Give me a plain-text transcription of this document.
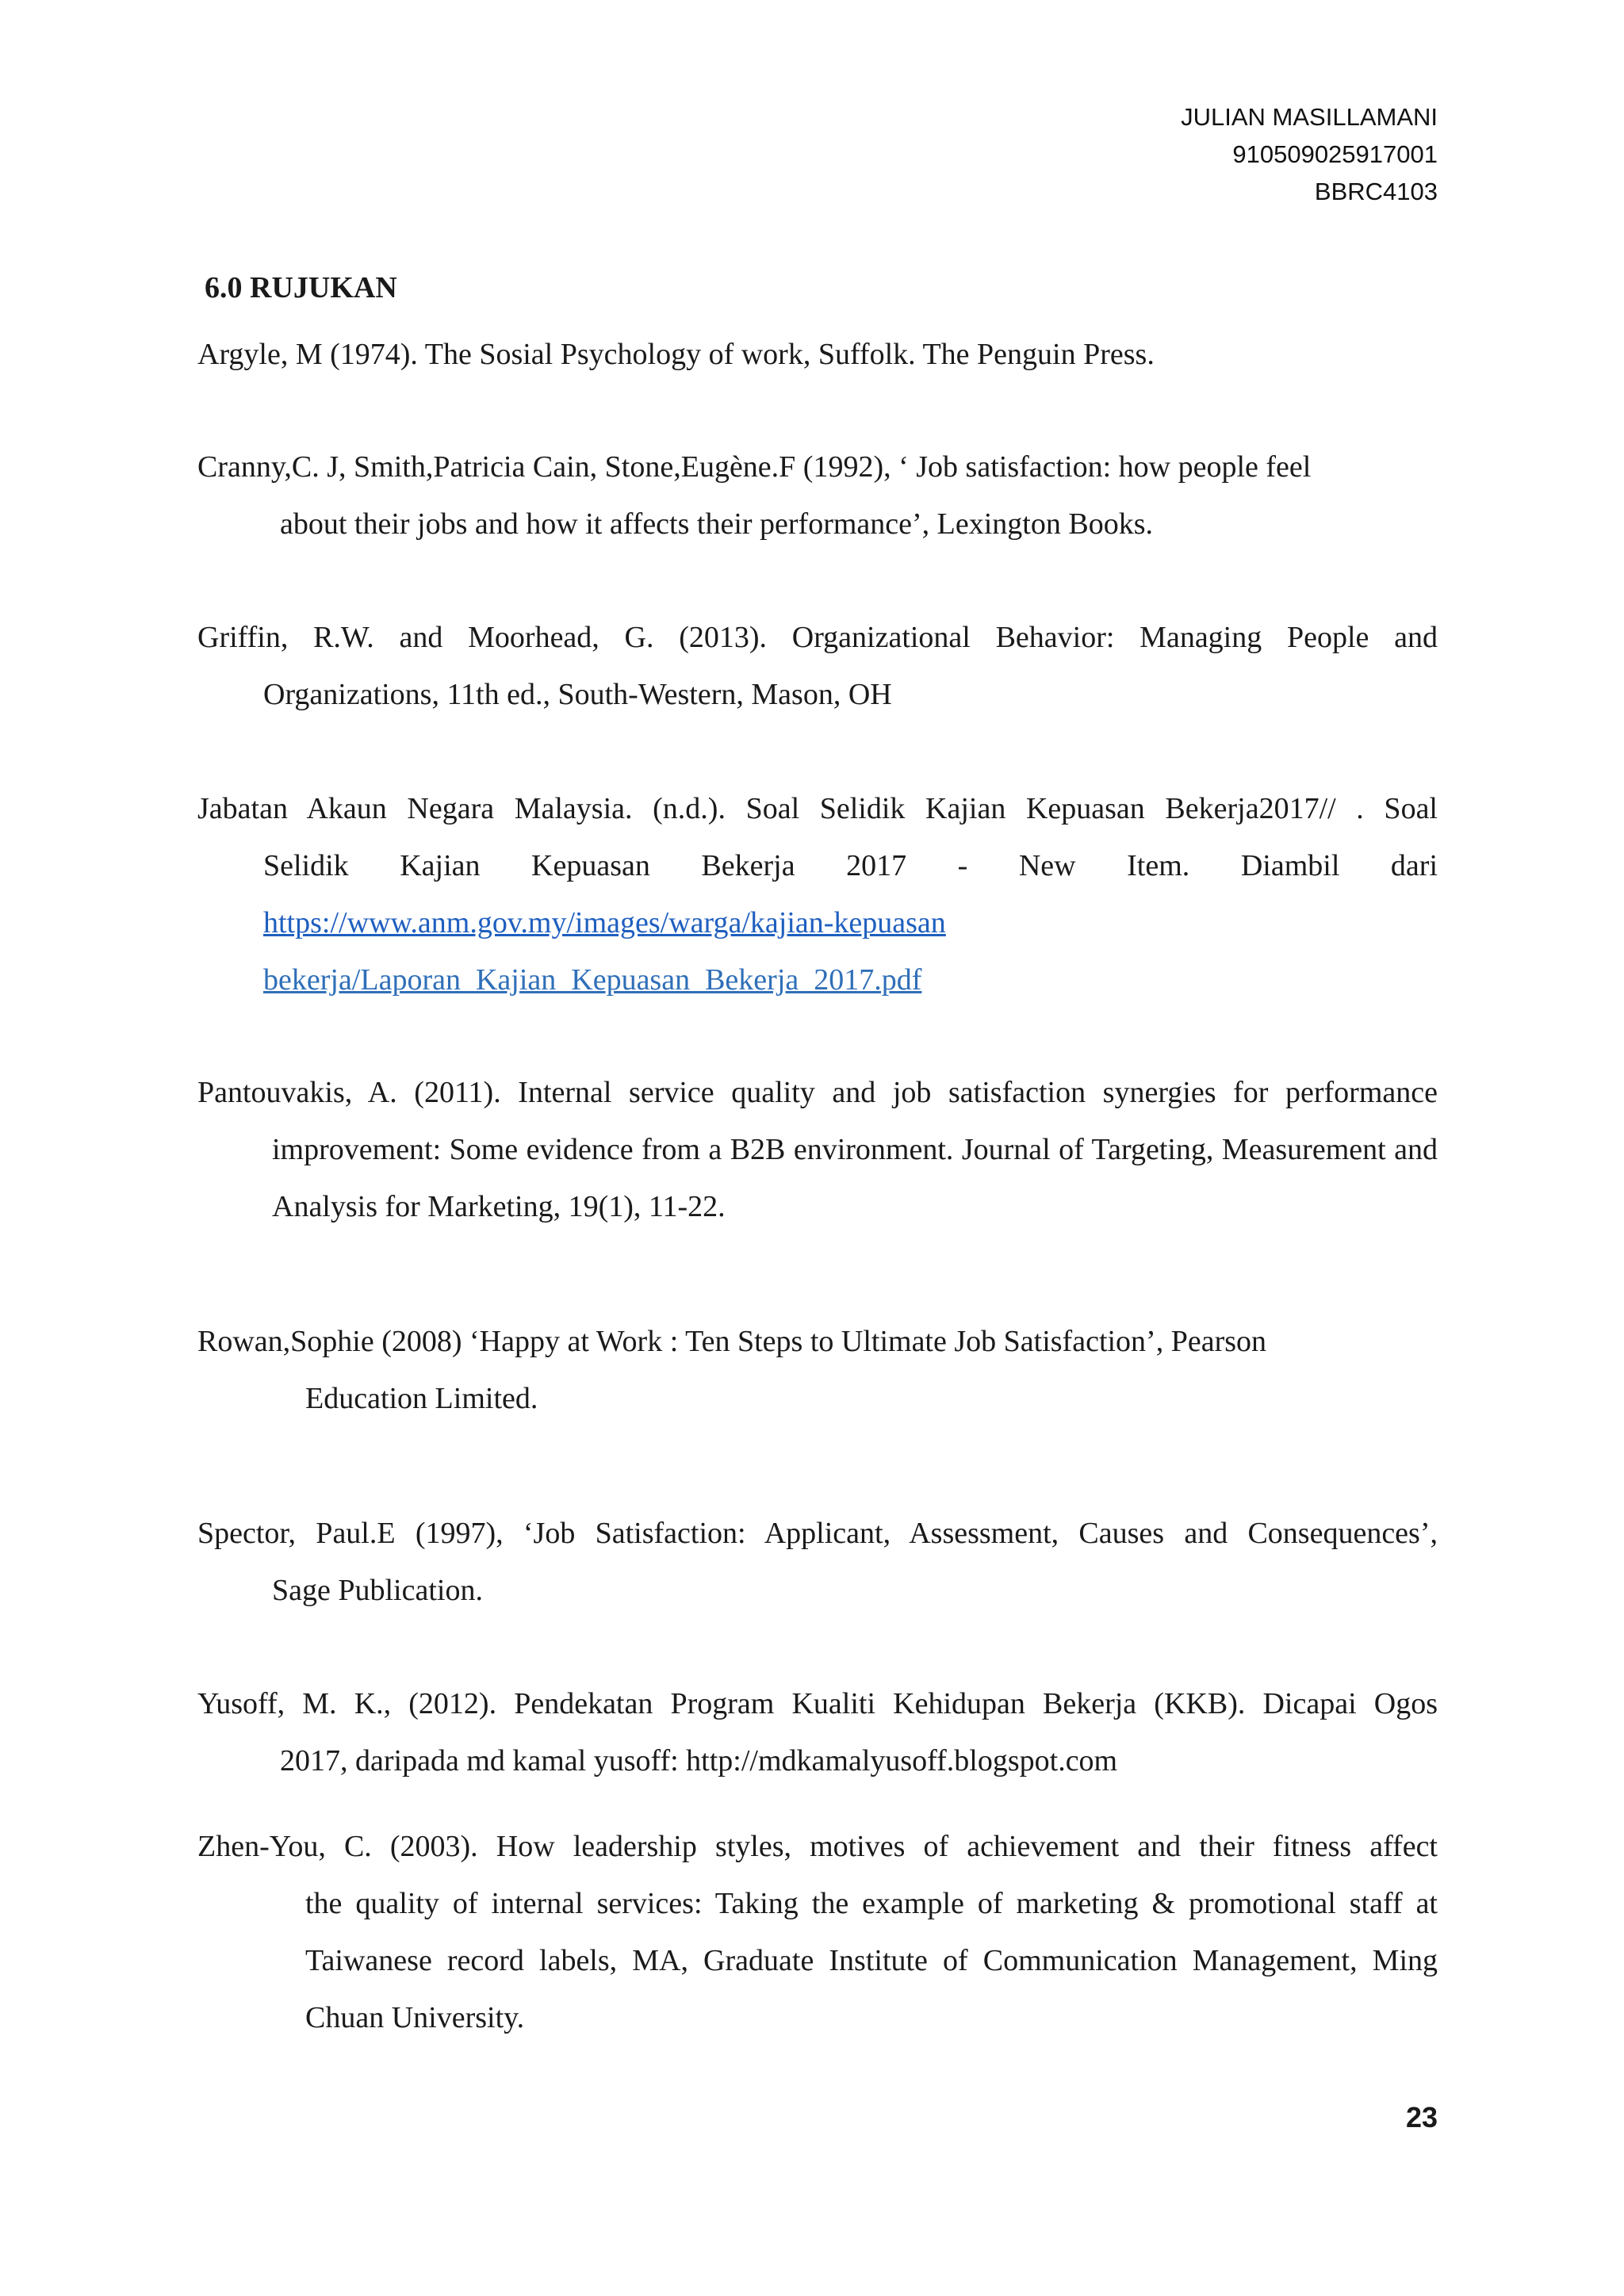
JULIAN MASILLAMANI
910509025917001
BBRC4103
6.0 RUJUKAN

Argyle, M (1974). The Sosial Psychology of work, Suffolk. The Penguin Press.

Cranny,C. J, Smith,Patricia Cain, Stone,Eugène.F (1992), ‘ Job satisfaction: how people feel
about their jobs and how it affects their performance’, Lexington Books.

Griffin, R.W. and Moorhead, G. (2013). Organizational Behavior: Managing People and
Organizations, 11th ed., South-Western, Mason, OH

Jabatan Akaun Negara Malaysia. (n.d.). Soal Selidik Kajian Kepuasan Bekerja2017// . Soal
Selidik Kajian Kepuasan Bekerja 2017 - New Item. Diambil dari
https://www.anm.gov.my/images/warga/kajian-kepuasan
bekerja/Laporan_Kajian_Kepuasan_Bekerja_2017.pdf

Pantouvakis, A. (2011). Internal service quality and job satisfaction synergies for performance
improvement: Some evidence from a B2B environment. Journal of Targeting, Measurement and Analysis for Marketing, 19(1), 11-22.

Rowan,Sophie (2008) ‘Happy at Work : Ten Steps to Ultimate Job Satisfaction’, Pearson
Education Limited.

Spector, Paul.E (1997), ‘Job Satisfaction: Applicant, Assessment, Causes and Consequences’,
Sage Publication.

Yusoff, M. K., (2012). Pendekatan Program Kualiti Kehidupan Bekerja (KKB). Dicapai Ogos
2017, daripada md kamal yusoff: http://mdkamalyusoff.blogspot.com

Zhen-You, C. (2003). How leadership styles, motives of achievement and their fitness affect
the quality of internal services: Taking the example of marketing & promotional staff at Taiwanese record labels, MA, Graduate Institute of Communication Management, Ming Chuan University.

23
